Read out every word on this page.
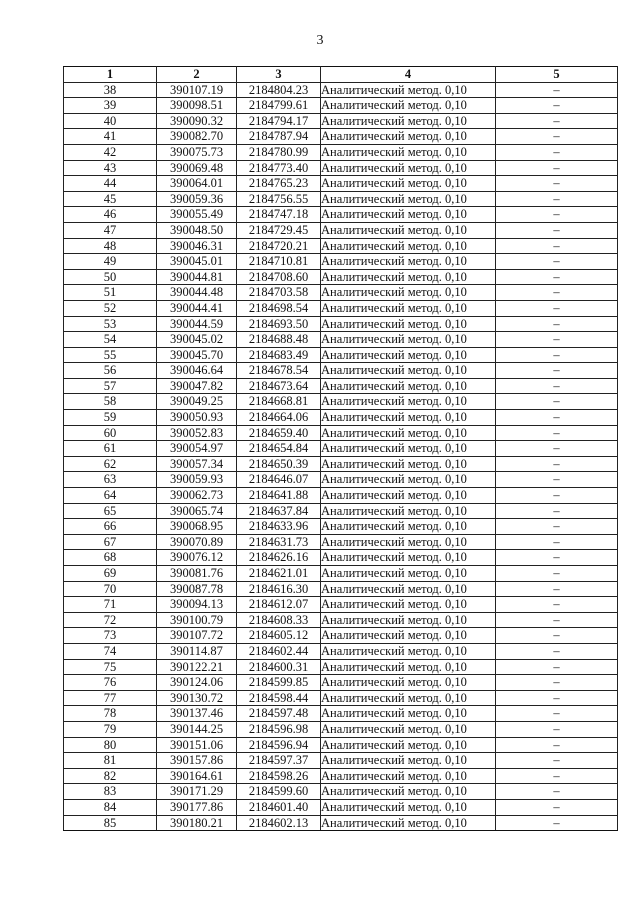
3
1	2	3	4	5
38	390107.19	2184804.23	Аналитический метод. 0,10	–
39	390098.51	2184799.61	Аналитический метод. 0,10	–
40	390090.32	2184794.17	Аналитический метод. 0,10	–
41	390082.70	2184787.94	Аналитический метод. 0,10	–
42	390075.73	2184780.99	Аналитический метод. 0,10	–
43	390069.48	2184773.40	Аналитический метод. 0,10	–
44	390064.01	2184765.23	Аналитический метод. 0,10	–
45	390059.36	2184756.55	Аналитический метод. 0,10	–
46	390055.49	2184747.18	Аналитический метод. 0,10	–
47	390048.50	2184729.45	Аналитический метод. 0,10	–
48	390046.31	2184720.21	Аналитический метод. 0,10	–
49	390045.01	2184710.81	Аналитический метод. 0,10	–
50	390044.81	2184708.60	Аналитический метод. 0,10	–
51	390044.48	2184703.58	Аналитический метод. 0,10	–
52	390044.41	2184698.54	Аналитический метод. 0,10	–
53	390044.59	2184693.50	Аналитический метод. 0,10	–
54	390045.02	2184688.48	Аналитический метод. 0,10	–
55	390045.70	2184683.49	Аналитический метод. 0,10	–
56	390046.64	2184678.54	Аналитический метод. 0,10	–
57	390047.82	2184673.64	Аналитический метод. 0,10	–
58	390049.25	2184668.81	Аналитический метод. 0,10	–
59	390050.93	2184664.06	Аналитический метод. 0,10	–
60	390052.83	2184659.40	Аналитический метод. 0,10	–
61	390054.97	2184654.84	Аналитический метод. 0,10	–
62	390057.34	2184650.39	Аналитический метод. 0,10	–
63	390059.93	2184646.07	Аналитический метод. 0,10	–
64	390062.73	2184641.88	Аналитический метод. 0,10	–
65	390065.74	2184637.84	Аналитический метод. 0,10	–
66	390068.95	2184633.96	Аналитический метод. 0,10	–
67	390070.89	2184631.73	Аналитический метод. 0,10	–
68	390076.12	2184626.16	Аналитический метод. 0,10	–
69	390081.76	2184621.01	Аналитический метод. 0,10	–
70	390087.78	2184616.30	Аналитический метод. 0,10	–
71	390094.13	2184612.07	Аналитический метод. 0,10	–
72	390100.79	2184608.33	Аналитический метод. 0,10	–
73	390107.72	2184605.12	Аналитический метод. 0,10	–
74	390114.87	2184602.44	Аналитический метод. 0,10	–
75	390122.21	2184600.31	Аналитический метод. 0,10	–
76	390124.06	2184599.85	Аналитический метод. 0,10	–
77	390130.72	2184598.44	Аналитический метод. 0,10	–
78	390137.46	2184597.48	Аналитический метод. 0,10	–
79	390144.25	2184596.98	Аналитический метод. 0,10	–
80	390151.06	2184596.94	Аналитический метод. 0,10	–
81	390157.86	2184597.37	Аналитический метод. 0,10	–
82	390164.61	2184598.26	Аналитический метод. 0,10	–
83	390171.29	2184599.60	Аналитический метод. 0,10	–
84	390177.86	2184601.40	Аналитический метод. 0,10	–
85	390180.21	2184602.13	Аналитический метод. 0,10	–
